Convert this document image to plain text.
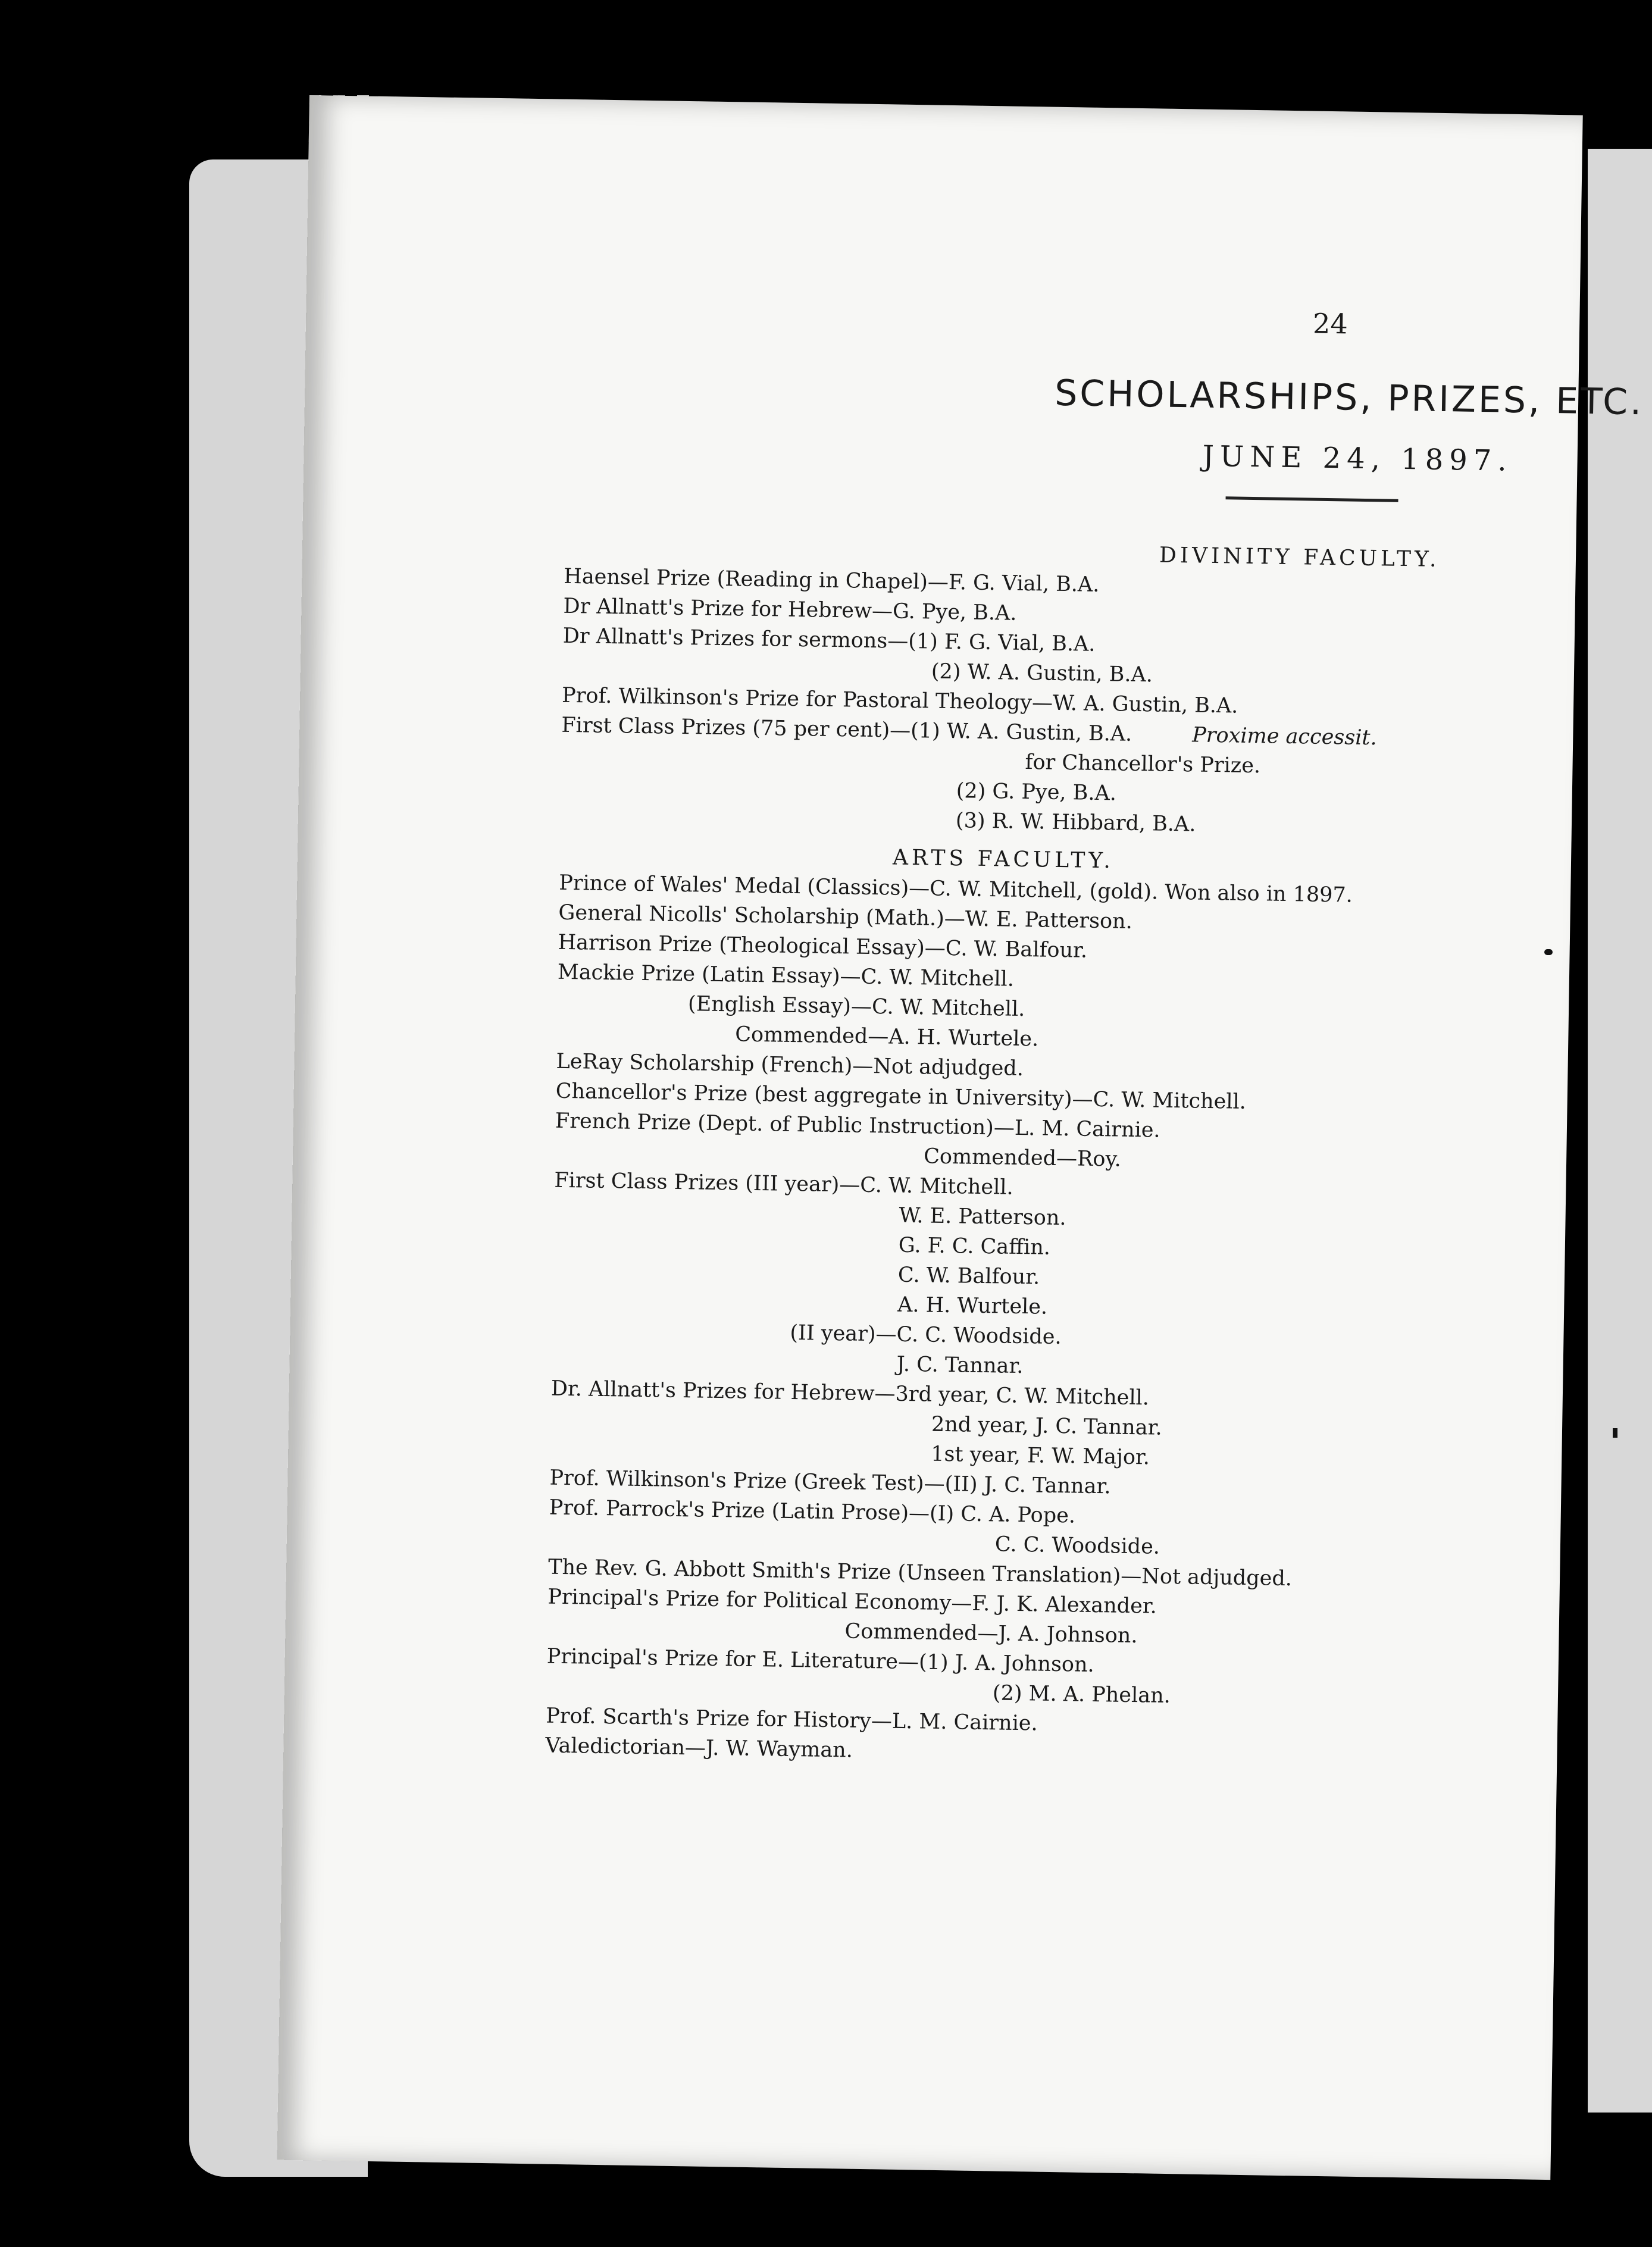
24
SCHOLARSHIPS, PRIZES, ETC.
JUNE 24, 1897.
DIVINITY FACULTY.
Haensel Prize (Reading in Chapel)—F. G. Vial, B.A.
Dr Allnatt's Prize for Hebrew—G. Pye, B.A.
Dr Allnatt's Prizes for sermons—(1) F. G. Vial, B.A.
(2) W. A. Gustin, B.A.
Prof. Wilkinson's Prize for Pastoral Theology—W. A. Gustin, B.A.
First Class Prizes (75 per cent)—(1) W. A. Gustin, B.A.	Proxime accessit.
for Chancellor's Prize.
(2) G. Pye, B.A.
(3) R. W. Hibbard, B.A.
ARTS FACULTY.
Prince of Wales' Medal (Classics)—C. W. Mitchell, (gold). Won also in 1897.
General Nicolls' Scholarship (Math.)—W. E. Patterson.
Harrison Prize (Theological Essay)—C. W. Balfour.
Mackie Prize (Latin Essay)—C. W. Mitchell.
(English Essay)—C. W. Mitchell.
Commended—A. H. Wurtele.
LeRay Scholarship (French)—Not adjudged.
Chancellor's Prize (best aggregate in University)—C. W. Mitchell.
French Prize (Dept. of Public Instruction)—L. M. Cairnie.
Commended—Roy.
First Class Prizes (III year)—C. W. Mitchell.
W. E. Patterson.
G. F. C. Caffin.
C. W. Balfour.
A. H. Wurtele.
(II year)—C. C. Woodside.
J. C. Tannar.
Dr. Allnatt's Prizes for Hebrew—3rd year, C. W. Mitchell.
2nd year, J. C. Tannar.
1st year, F. W. Major.
Prof. Wilkinson's Prize (Greek Test)—(II) J. C. Tannar.
Prof. Parrock's Prize (Latin Prose)—(I) C. A. Pope.
C. C. Woodside.
The Rev. G. Abbott Smith's Prize (Unseen Translation)—Not adjudged.
Principal's Prize for Political Economy—F. J. K. Alexander.
Commended—J. A. Johnson.
Principal's Prize for E. Literature—(1) J. A. Johnson.
(2) M. A. Phelan.
Prof. Scarth's Prize for History—L. M. Cairnie.
Valedictorian—J. W. Wayman.
